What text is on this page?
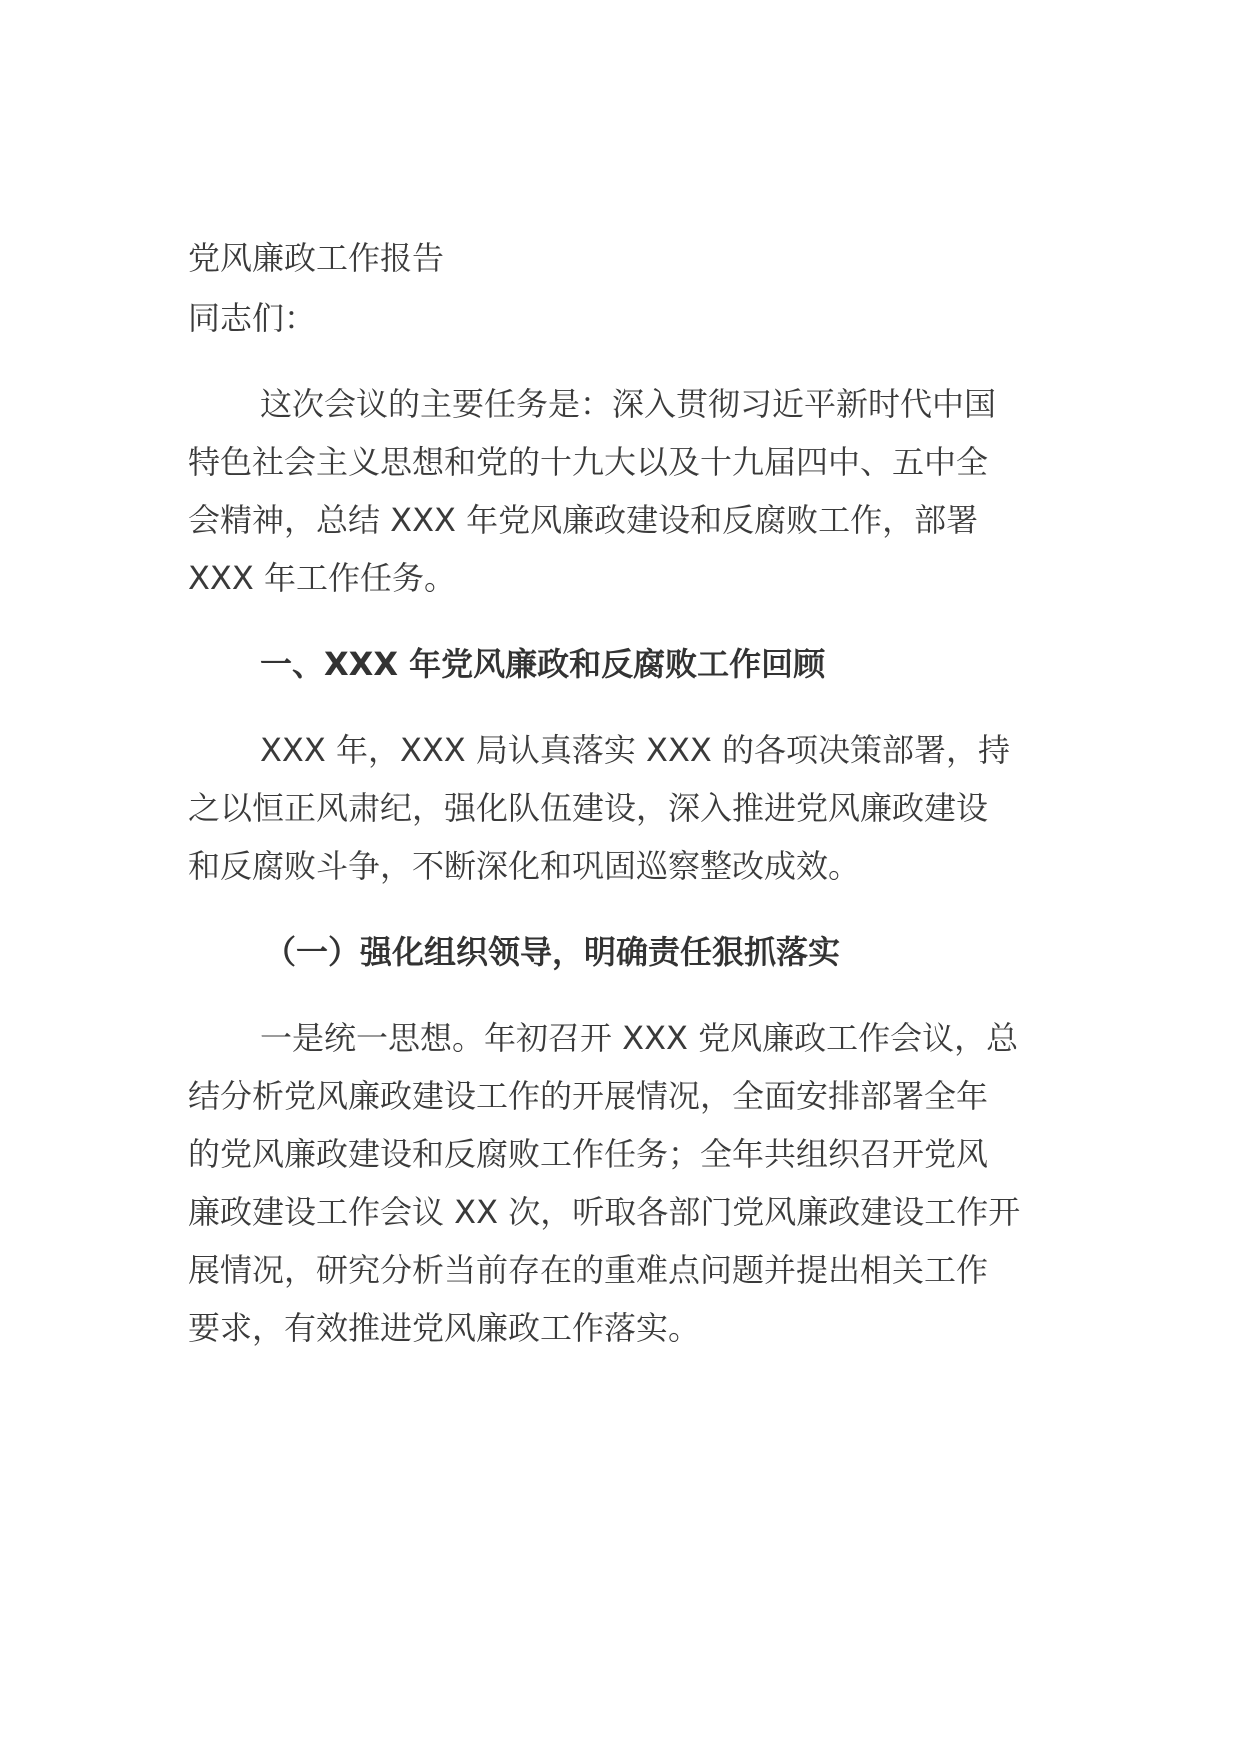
党风廉政工作报告

同志们：

这次会议的主要任务是：深入贯彻习近平新时代中国

特色社会主义思想和党的十九大以及十九届四中、五中全

会精神，总结 XXX 年党风廉政建设和反腐败工作，部署

XXX 年工作任务。

一、XXX 年党风廉政和反腐败工作回顾

XXX 年，XXX 局认真落实 XXX 的各项决策部署，持

之以恒正风肃纪，强化队伍建设，深入推进党风廉政建设

和反腐败斗争，不断深化和巩固巡察整改成效。

（一）强化组织领导，明确责任狠抓落实

一是统一思想。年初召开 XXX 党风廉政工作会议，总

结分析党风廉政建设工作的开展情况，全面安排部署全年

的党风廉政建设和反腐败工作任务；全年共组织召开党风

廉政建设工作会议 XX 次，听取各部门党风廉政建设工作开

展情况，研究分析当前存在的重难点问题并提出相关工作

要求，有效推进党风廉政工作落实。
